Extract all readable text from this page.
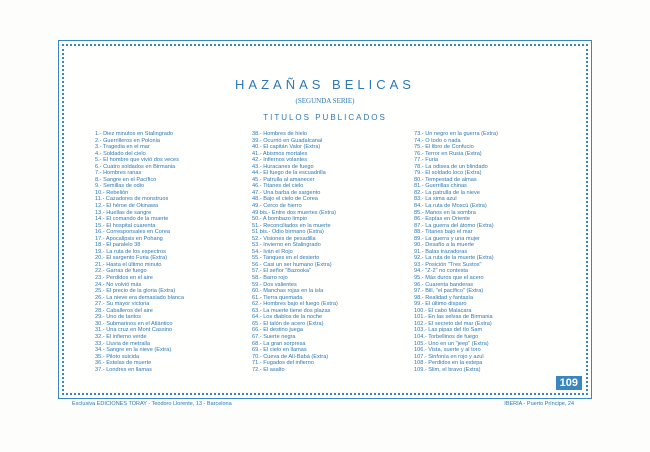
HAZAÑAS BELICAS
(SEGUNDA SERIE)
TITULOS PUBLICADOS
1.- Diez minutos en Stalingrado
2.- Guerrilleros en Polonia
3.- Tragedia en el mar
4.- Soldado del cielo
5.- El hombre que vivió dos veces
6.- Cuatro soldados en Birmania
7.- Hombres ranas
8.- Sangre en el Pacífico
9.- Semillas de odio
10.- Rebelión
11.- Cazadores de monstruos
12.- El héroe de Okinawa
13.- Huellas de sangre
14.- El comando de la muerte
15.- El hospital cuarenta
16.- Corresponsales en Corea
17.- Apocalipsis en Pohang
18.- El paralelo 38
19.- La ruta de los espectros
20.- El sargento Furia (Extra)
21.- Hasta el último minuto
22.- Garras de fuego
23.- Perdidos en el aire
24.- No volvió más
25.- El precio de la gloria (Extra)
26.- La nieve era demasiado blanca
27.- Su mayor victoria
28.- Caballeros del aire
29.- Uno de tantos
30.- Submarinos en el Atlántico
31.- Una cruz en Mont Cassino
32.- El infierno verde
33.- Lluvia de metralla
34.- Sangre en la nieve (Extra)
35.- Piloto suicida
36.- Estelas de muerte
37.- Londres en llamas
38.- Hombres de hielo
39.- Ocurrió en Guadalcanal
40.- El capitán Valor (Extra)
41.- Abismos mortales
42.- Infiernos volantes
43.- Huracanes de fuego
44.- El fuego de la escuadrilla
45.- Patrulla al amanecer
46.- Titanes del cielo
47.- Una barba de sargento
48.- Bajo el cielo de Corea
49.- Cerco de hierro
49 bis.- Entre dos muertes (Extra)
50.- A bombazo limpio
51.- Reconciliados en la muerte
51 bis.- Odio birmano (Extra)
52.- Visiones de pesadilla
53.- Invierno en Stalingrado
54.- Iván el Rojo
55.- Tanques en el desierto
56.- Casi un ser humano (Extra)
57.- El señor "Bazooka"
58.- Barro rojo
59.- Dos valientes
60.- Manchas rojas en la isla
61.- Tierra quemada
62.- Hombres bajo el fuego (Extra)
63.- La muerte tiene dos plazas
64.- Los diablos de la noche
65.- El talón de acero (Extra)
66.- El destino juega
67.- Suerte negra
68.- La gran sorpresa
69.- El cielo en llamas
70.- Cueva de Alí-Babá (Extra)
71.- Fugados del infierno
72.- El asalto
73.- Un negro en la guerra (Extra)
74.- O todo o nada
75.- El libro de Confucio
76.- Terror en Rusia (Extra)
77.- Furia
78.- La odisea de un blindado
79.- El soldado loco (Extra)
80.- Tempestad de almas
81.- Guerrillas chinas
82.- La patrulla de la nieve
83.- La sima azul
84.- La ruta de Moscú (Extra)
85.- Manos en la sombra
86.- Espías en Oriente
87.- La guerra del átomo (Extra)
88.- Titanes bajo el mar
89.- La guerra y una mujer
90.- Desafío a la muerte
91.- Balas trazadoras
92.- La ruta de la muerte (Extra)
93.- Posición "Tres Sustos"
94.- "Z-2" no contesta
95.- Más duros que el acero
96.- Cuarenta banderas
97.- Bill, "el pacífico" (Extra)
98.- Realidad y fantasía
99.- El último disparo
100.- El cabo Malacara
101.- En las selvas de Birmania
102.- El secreto del mar (Extra)
103.- Las pipas del tío Sam
104.- Torbellinos de fuego
105.- Uno en un "jeep" (Extra)
106.- Vista, suerte y al toro
107.- Sinfonía en rojo y azul
108.- Perdidos en la estepa
109.- Slim, el bravo (Extra)
109
Exclusiva EDICIONES TORAY - Teodoro Llorente, 13 - Barcelona	IBERIA - Puerto Príncipe, 24
